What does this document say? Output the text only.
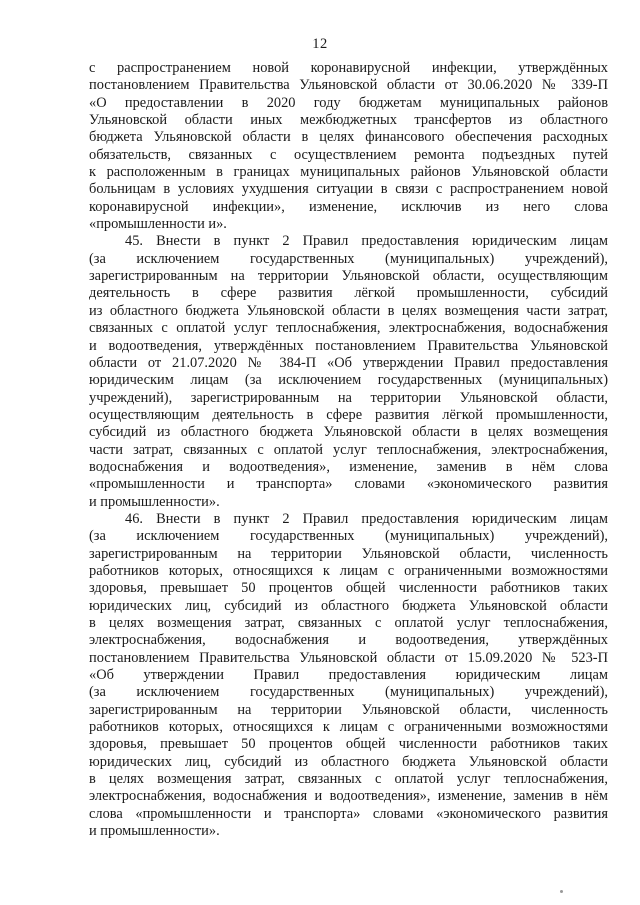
12
с распространением новой коронавирусной инфекции, утверждённых
постановлением Правительства Ульяновской области от 30.06.2020 № 339-П
«О предоставлении в 2020 году бюджетам муниципальных районов
Ульяновской области иных межбюджетных трансфертов из областного
бюджета Ульяновской области в целях финансового обеспечения расходных
обязательств, связанных с осуществлением ремонта подъездных путей
к расположенным в границах муниципальных районов Ульяновской области
больницам в условиях ухудшения ситуации в связи с распространением новой
коронавирусной инфекции», изменение, исключив из него слова
«промышленности и».
45. Внести в пункт 2 Правил предоставления юридическим лицам
(за исключением государственных (муниципальных) учреждений),
зарегистрированным на территории Ульяновской области, осуществляющим
деятельность в сфере развития лёгкой промышленности, субсидий
из областного бюджета Ульяновской области в целях возмещения части затрат,
связанных с оплатой услуг теплоснабжения, электроснабжения, водоснабжения
и водоотведения, утверждённых постановлением Правительства Ульяновской
области от 21.07.2020 № 384-П «Об утверждении Правил предоставления
юридическим лицам (за исключением государственных (муниципальных)
учреждений), зарегистрированным на территории Ульяновской области,
осуществляющим деятельность в сфере развития лёгкой промышленности,
субсидий из областного бюджета Ульяновской области в целях возмещения
части затрат, связанных с оплатой услуг теплоснабжения, электроснабжения,
водоснабжения и водоотведения», изменение, заменив в нём слова
«промышленности и транспорта» словами «экономического развития
и промышленности».
46. Внести в пункт 2 Правил предоставления юридическим лицам
(за исключением государственных (муниципальных) учреждений),
зарегистрированным на территории Ульяновской области, численность
работников которых, относящихся к лицам с ограниченными возможностями
здоровья, превышает 50 процентов общей численности работников таких
юридических лиц, субсидий из областного бюджета Ульяновской области
в целях возмещения затрат, связанных с оплатой услуг теплоснабжения,
электроснабжения, водоснабжения и водоотведения, утверждённых
постановлением Правительства Ульяновской области от 15.09.2020 № 523-П
«Об утверждении Правил предоставления юридическим лицам
(за исключением государственных (муниципальных) учреждений),
зарегистрированным на территории Ульяновской области, численность
работников которых, относящихся к лицам с ограниченными возможностями
здоровья, превышает 50 процентов общей численности работников таких
юридических лиц, субсидий из областного бюджета Ульяновской области
в целях возмещения затрат, связанных с оплатой услуг теплоснабжения,
электроснабжения, водоснабжения и водоотведения», изменение, заменив в нём
слова «промышленности и транспорта» словами «экономического развития
и промышленности».
